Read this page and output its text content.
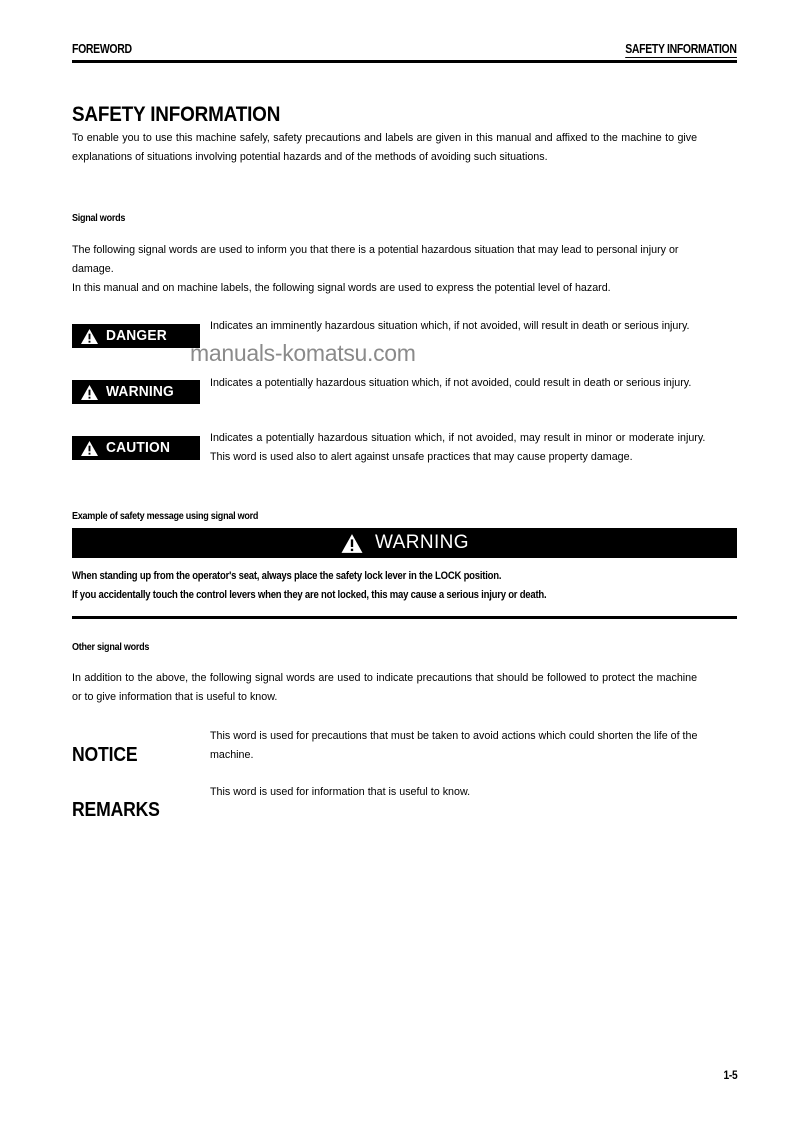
FOREWORD	SAFETY INFORMATION
SAFETY INFORMATION
To enable you to use this machine safely, safety precautions and labels are given in this manual and affixed to the machine to give explanations of situations involving potential hazards and of the methods of avoiding such situations.
Signal words
The following signal words are used to inform you that there is a potential hazardous situation that may lead to personal injury or damage.
In this manual and on machine labels, the following signal words are used to express the potential level of hazard.
DANGER
Indicates an imminently hazardous situation which, if not avoided, will result in death or serious injury.
WARNING
Indicates a potentially hazardous situation which, if not avoided, could result in death or serious injury.
CAUTION
Indicates a potentially hazardous situation which, if not avoided, may result in minor or moderate injury. This word is used also to alert against unsafe practices that may cause property damage.
Example of safety message using signal word
WARNING
When standing up from the operator's seat, always place the safety lock lever in the LOCK position.
If you accidentally touch the control levers when they are not locked, this may cause a serious injury or death.
Other signal words
In addition to the above, the following signal words are used to indicate precautions that should be followed to protect the machine or to give information that is useful to know.
NOTICE
This word is used for precautions that must be taken to avoid actions which could shorten the life of the machine.
REMARKS
This word is used for information that is useful to know.
1-5
manuals-komatsu.com
